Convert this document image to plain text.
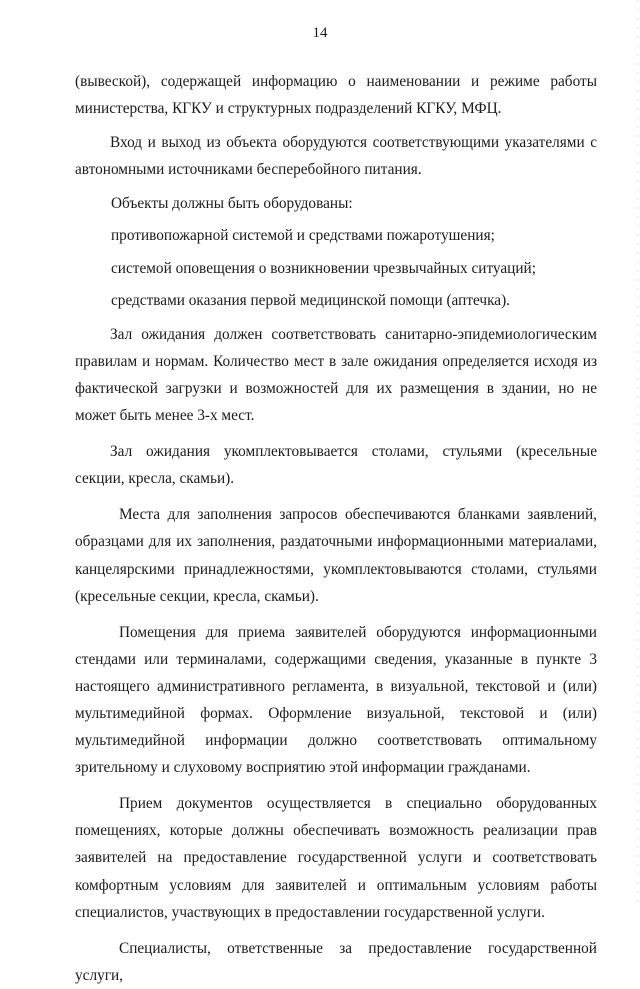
14

(вывеской), содержащей информацию о наименовании и режиме работы министерства, КГКУ и структурных подразделений КГКУ, МФЦ.

Вход и выход из объекта оборудуются соответствующими указателями с автономными источниками бесперебойного питания.

Объекты должны быть оборудованы:

противопожарной системой и средствами пожаротушения;

системой оповещения о возникновении чрезвычайных ситуаций;

средствами оказания первой медицинской помощи (аптечка).

Зал ожидания должен соответствовать санитарно-эпидемиологическим правилам и нормам. Количество мест в зале ожидания определяется исходя из фактической загрузки и возможностей для их размещения в здании, но не может быть менее 3-х мест.

Зал ожидания укомплектовывается столами, стульями (кресельные секции, кресла, скамьи).

Места для заполнения запросов обеспечиваются бланками заявлений, образцами для их заполнения, раздаточными информационными материалами, канцелярскими принадлежностями, укомплектовываются столами, стульями (кресельные секции, кресла, скамьи).

Помещения для приема заявителей оборудуются информационными стендами или терминалами, содержащими сведения, указанные в пункте 3 настоящего административного регламента, в визуальной, текстовой и (или) мультимедийной формах. Оформление визуальной, текстовой и (или) мультимедийной информации должно соответствовать оптимальному зрительному и слуховому восприятию этой информации гражданами.

Прием документов осуществляется в специально оборудованных помещениях, которые должны обеспечивать возможность реализации прав заявителей на предоставление государственной услуги и соответствовать комфортным условиям для заявителей и оптимальным условиям работы специалистов, участвующих в предоставлении государственной услуги.

Специалисты, ответственные за предоставление государственной услуги,
